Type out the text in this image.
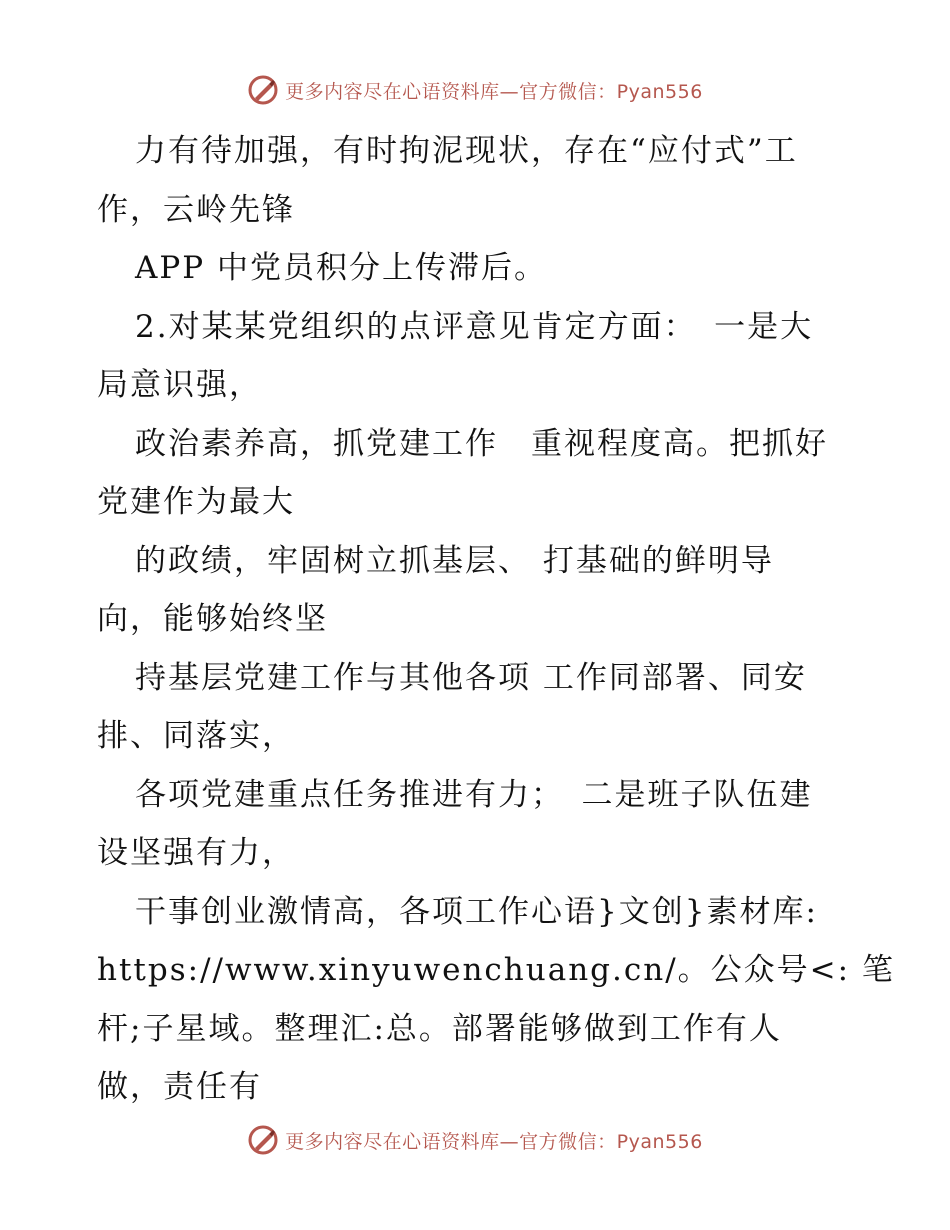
更多内容尽在心语资料库—官方微信：Pyan556
力有待加强，有时拘泥现状，存在“应付式”工
作，云岭先锋
APP 中党员积分上传滞后。
2.对某某党组织的点评意见肯定方面：　一是大
局意识强，
政治素养高，抓党建工作　重视程度高。把抓好
党建作为最大
的政绩，牢固树立抓基层、 打基础的鲜明导
向，能够始终坚
持基层党建工作与其他各项 工作同部署、同安
排、同落实，
各项党建重点任务推进有力；　二是班子队伍建
设坚强有力，
干事创业激情高，各项工作心语}文创}素材库:
https://www.xinyuwenchuang.cn/。公众号<: 笔
杆;子星域。整理汇:总。部署能够做到工作有人
做，责任有
更多内容尽在心语资料库—官方微信：Pyan556
